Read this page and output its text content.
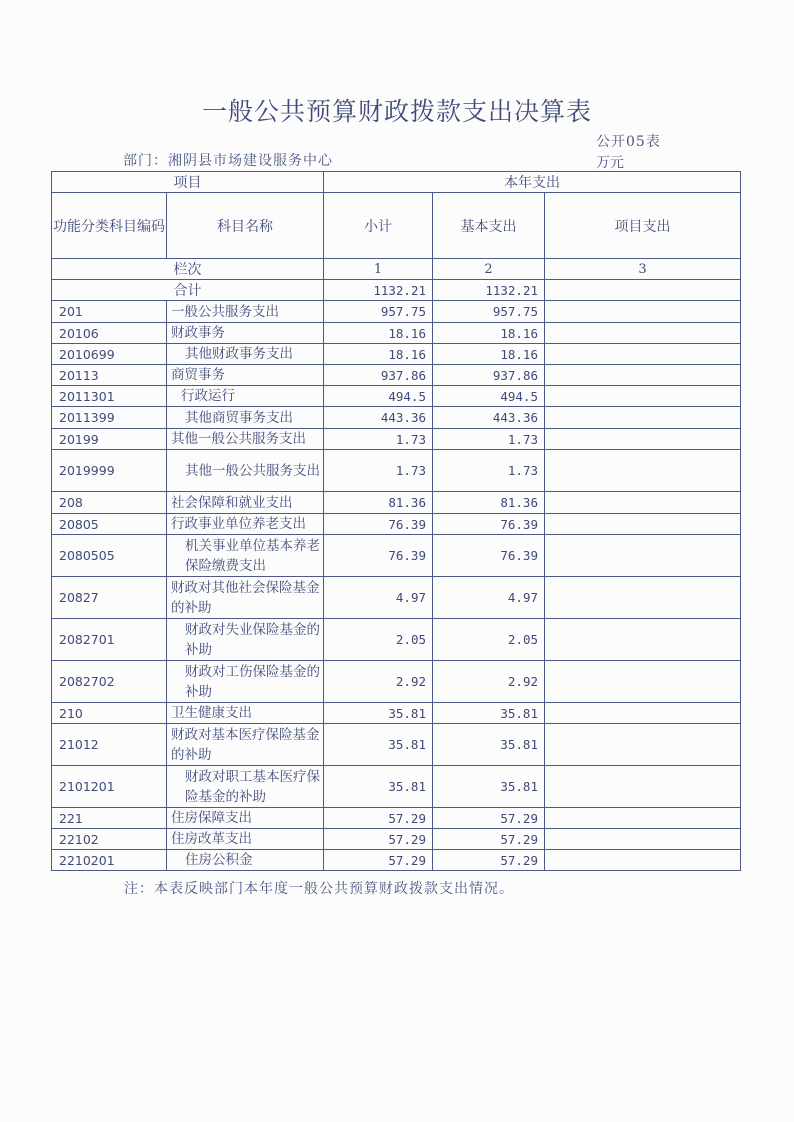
一般公共预算财政拨款支出决算表
公开05表
万元
部门：湘阴县市场建设服务中心
项目		本年支出		
功能分类科目编码	科目名称	小计	基本支出	项目支出
栏次		1	2	3
合计		1132.21	1132.21	
201	一般公共服务支出	957.75	957.75	
20106	财政事务	18.16	18.16	
2010699	其他财政事务支出	18.16	18.16	
20113	商贸事务	937.86	937.86	
2011301	行政运行	494.5	494.5	
2011399	其他商贸事务支出	443.36	443.36	
20199	其他一般公共服务支出	1.73	1.73	
2019999	其他一般公共服务支出	1.73	1.73	
208	社会保障和就业支出	81.36	81.36	
20805	行政事业单位养老支出	76.39	76.39	
2080505	机关事业单位基本养老保险缴费支出	76.39	76.39	
20827	财政对其他社会保险基金的补助	4.97	4.97	
2082701	财政对失业保险基金的补助	2.05	2.05	
2082702	财政对工伤保险基金的补助	2.92	2.92	
210	卫生健康支出	35.81	35.81	
21012	财政对基本医疗保险基金的补助	35.81	35.81	
2101201	财政对职工基本医疗保险基金的补助	35.81	35.81	
221	住房保障支出	57.29	57.29	
22102	住房改革支出	57.29	57.29	
2210201	住房公积金	57.29	57.29	
注：本表反映部门本年度一般公共预算财政拨款支出情况。
